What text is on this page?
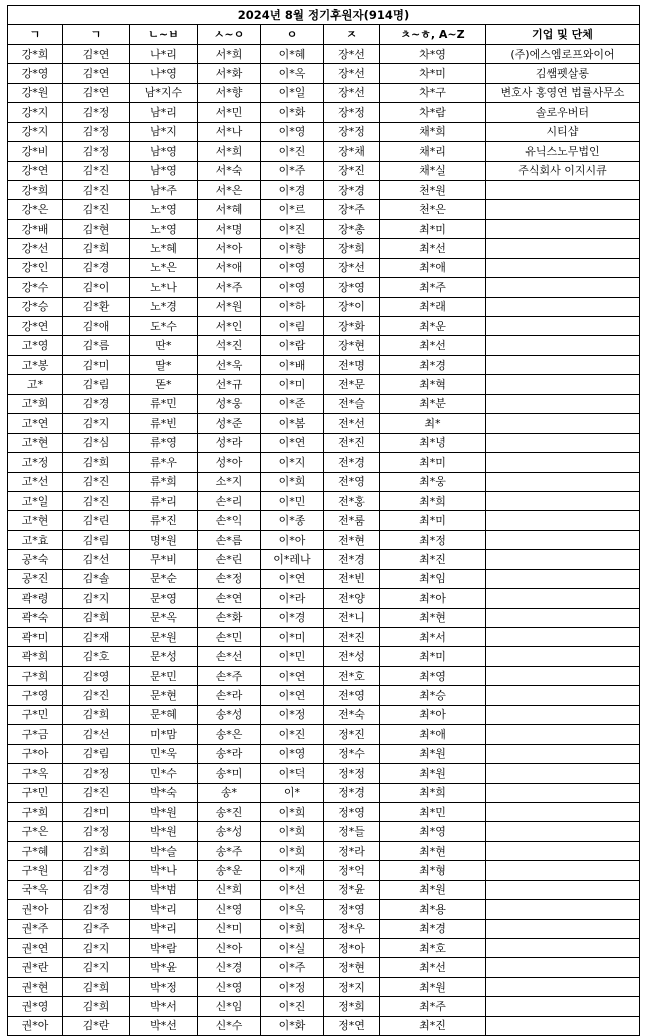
2024년 8월 정기후원자(914명)							
ㄱ	ㄱ	ㄴ~ㅂ	ㅅ~ㅇ	ㅇ	ㅈ	ㅊ~ㅎ, A~Z	기업 및 단체
강*희	김*연	나*리	서*희	이*혜	장*선	차*영	(주)에스엠로프와이어
강*영	김*연	나*영	서*화	이*옥	장*선	차*미	김쌤펫살롱
강*원	김*연	남*지수	서*향	이*일	장*선	차*구	변호사 홍영연 법률사무소
강*지	김*정	남*리	서*민	이*화	장*정	차*람	솔로우버터
강*지	김*정	남*지	서*나	이*영	장*정	채*희	시티샵
강*비	김*정	남*영	서*희	이*진	장*채	채*리	유닉스노무법인
강*연	김*진	남*영	서*숙	이*주	장*진	채*실	주식회사 이지시큐
강*희	김*진	남*주	서*은	이*경	장*경	천*원	
강*은	김*진	노*영	서*혜	이*르	장*주	천*은	
강*배	김*현	노*영	서*명	이*진	장*총	최*미	
강*선	김*희	노*혜	서*아	이*향	장*희	최*선	
강*인	김*경	노*은	서*애	이*영	장*선	최*애	
강*수	김*이	노*나	서*주	이*영	장*영	최*주	
강*승	김*환	노*경	서*원	이*하	장*이	최*래	
강*연	김*애	도*수	서*인	이*림	장*화	최*운	
고*영	김*름	딴*	석*진	이*람	장*현	최*선	
고*봉	김*미	딸*	선*욱	이*배	전*명	최*경	
고*	김*림	똔*	선*규	이*미	전*문	최*혁	
고*희	김*경	류*민	성*웅	이*준	전*슬	최*분	
고*연	김*지	류*빈	성*준	이*봄	전*선	최*	
고*현	김*심	류*영	성*라	이*연	전*진	최*녕	
고*정	김*희	류*우	성*아	이*지	전*경	최*미	
고*선	김*진	류*희	소*지	이*희	전*영	최*웅	
고*일	김*진	류*리	손*리	이*민	전*홍	최*희	
고*현	김*린	류*진	손*익	이*종	전*룸	최*미	
고*효	김*림	명*원	손*름	이*아	전*현	최*정	
공*숙	김*선	무*비	손*린	이*레나	전*경	최*진	
공*진	김*솔	문*순	손*정	이*연	전*빈	최*임	
곽*령	김*지	문*영	손*연	이*라	전*양	최*아	
곽*숙	김*희	문*옥	손*화	이*경	전*니	최*현	
곽*미	김*재	문*원	손*민	이*미	전*진	최*서	
곽*희	김*호	문*성	손*선	이*민	전*성	최*미	
구*희	김*영	문*민	손*주	이*연	전*호	최*영	
구*영	김*진	문*현	손*라	이*연	전*영	최*승	
구*민	김*희	문*혜	송*성	이*정	전*숙	최*아	
구*금	김*선	미*맘	송*은	이*진	정*진	최*애	
구*아	김*림	민*욱	송*라	이*영	정*수	최*원	
구*옥	김*정	민*수	송*미	이*덕	정*정	최*원	
구*민	김*진	박*숙	송*	이*	정*경	최*희	
구*희	김*미	박*원	송*진	이*희	정*영	최*민	
구*은	김*정	박*원	송*성	이*희	정*들	최*영	
구*혜	김*희	박*슬	송*주	이*희	정*라	최*현	
구*원	김*경	박*나	송*운	이*재	정*억	최*형	
국*옥	김*경	박*범	신*희	이*선	정*윤	최*원	
권*아	김*정	박*리	신*영	이*옥	정*영	최*용	
권*주	김*주	박*리	신*미	이*희	정*우	최*경	
권*연	김*지	박*람	신*아	이*실	정*아	최*호	
권*란	김*지	박*윤	신*경	이*주	정*현	최*선	
권*현	김*희	박*정	신*영	이*정	정*지	최*원	
권*영	김*희	박*서	신*임	이*진	정*희	최*주	
권*아	김*란	박*선	신*수	이*화	정*연	최*진	
